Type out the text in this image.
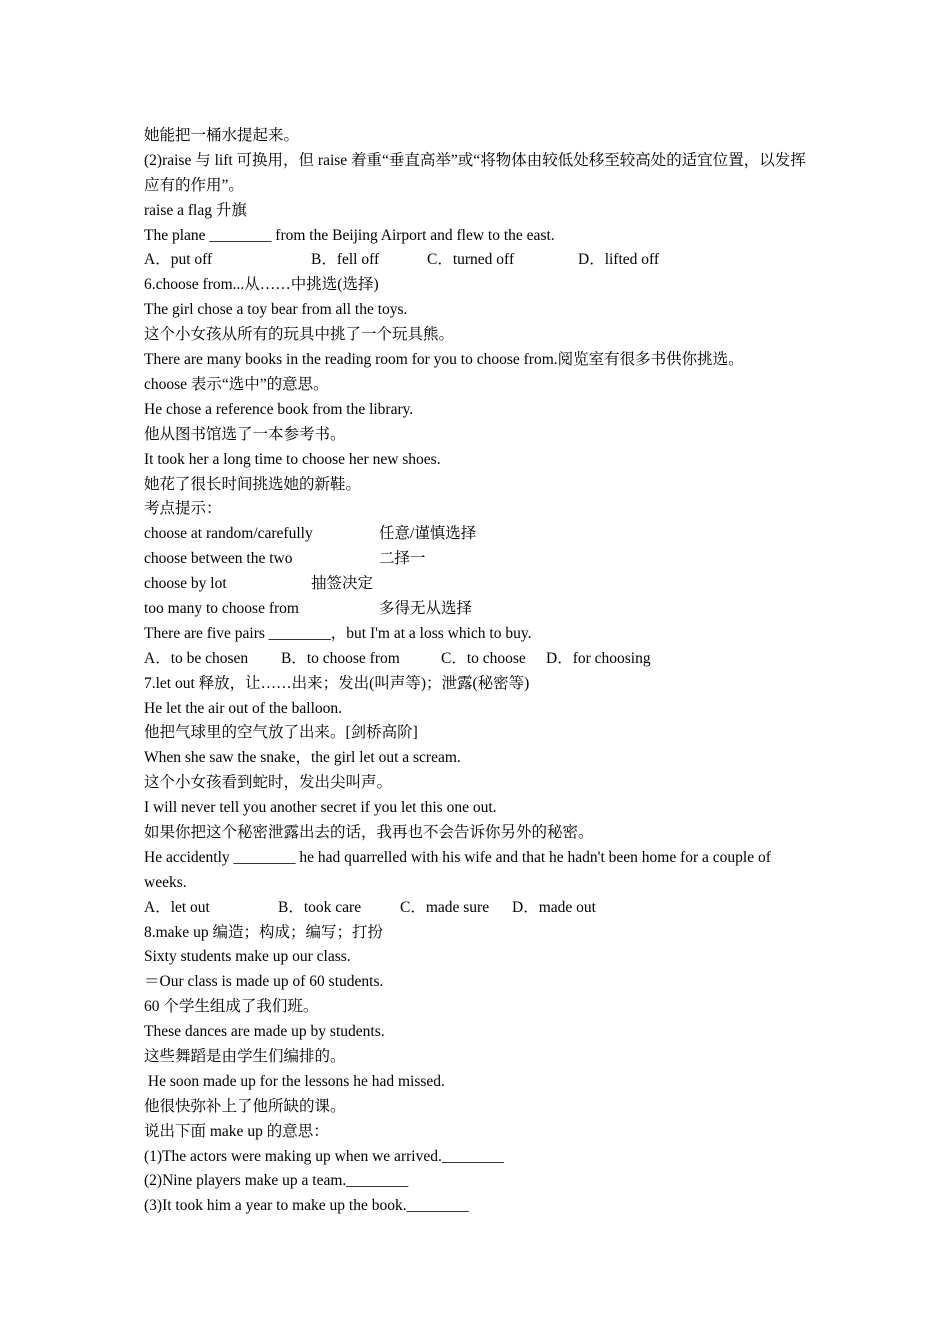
她能把一桶水提起来。
(2)raise 与 lift 可换用，但 raise 着重“垂直高举”或“将物体由较低处移至较高处的适宜位置，以发挥应有的作用”。
raise a flag 升旗
The plane ________ from the Beijing Airport and flew to the east.

A．put off

	B．fell off

	C．turned off

	D．lifted off

6.choose from...从……中挑选(选择)
The girl chose a toy bear from all the toys.
这个小女孩从所有的玩具中挑了一个玩具熊。
There are many books in the reading room for you to choose from.阅览室有很多书供你挑选。
choose 表示“选中”的意思。
He chose a reference book from the library.
他从图书馆选了一本参考书。
It took her a long time to choose her new shoes.
她花了很长时间挑选她的新鞋。
考点提示：

choose at random/carefully

	任意/谨慎选择

choose between the two

	二择一

choose by lot

	抽签决定

too many to choose from

	多得无从选择

There are five pairs ________，but I'm at a loss which to buy.

A．to be chosen

B．to choose from

	C．to choose

D．for choosing

7.let out 释放，让……出来；发出(叫声等)；泄露(秘密等)
He let the air out of the balloon.
他把气球里的空气放了出来。[剑桥高阶]
When she saw the snake，the girl let out a scream.
这个小女孩看到蛇时，发出尖叫声。
I will never tell you another secret if you let this one out.
如果你把这个秘密泄露出去的话，我再也不会告诉你另外的秘密。
He accidently ________ he had quarrelled with his wife and that he hadn't been home for a couple of weeks.

A．let out

	B．took care

	C．made sure

D．made out

8.make up 编造；构成；编写；打扮
Sixty students make up our class.
＝Our class is made up of 60 students.
60 个学生组成了我们班。
These dances are made up by students.
这些舞蹈是由学生们编排的。
He soon made up for the lessons he had missed.
他很快弥补上了他所缺的课。
说出下面 make up 的意思：
(1)The actors were making up when we arrived.________
(2)Nine players make up a team.________
(3)It took him a year to make up the book.________
